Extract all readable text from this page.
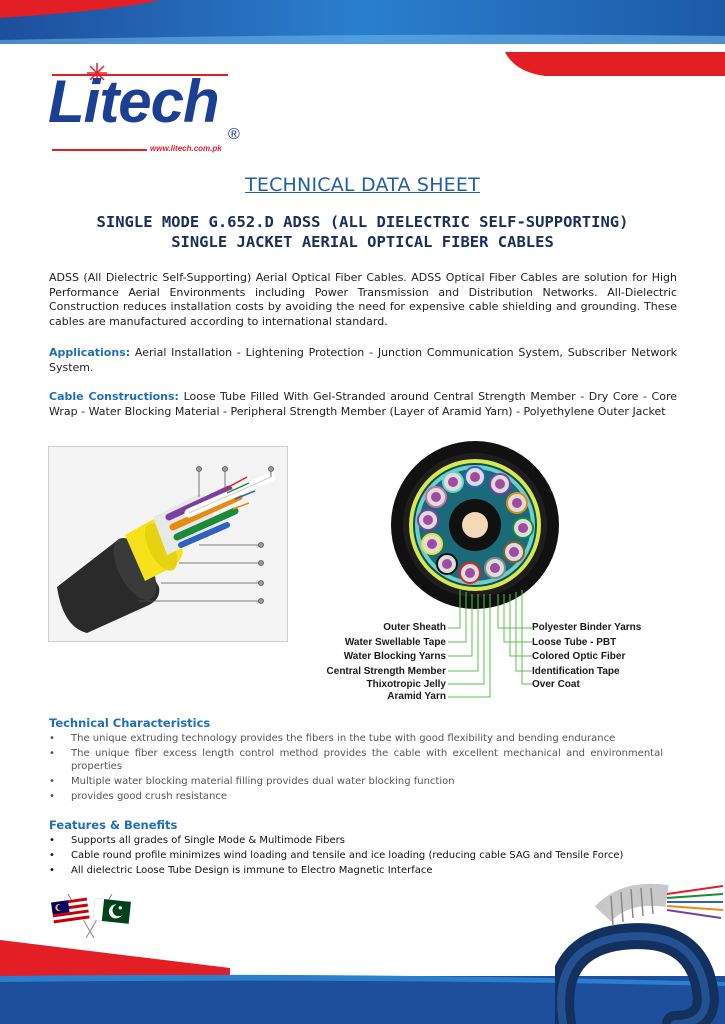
Litech ®
www.litech.com.pk
TECHNICAL DATA SHEET
SINGLE MODE G.652.D ADSS (ALL DIELECTRIC SELF-SUPPORTING)
SINGLE JACKET AERIAL OPTICAL FIBER CABLES

ADSS (All Dielectric Self-Supporting) Aerial Optical Fiber Cables. ADSS Optical Fiber Cables are solution for High Performance Aerial Environments including Power Transmission and Distribution Networks. All-Dielectric Construction reduces installation costs by avoiding the need for expensive cable shielding and grounding. These cables are manufactured according to international standard.

Applications: Aerial Installation - Lightening Protection - Junction Communication System, Subscriber Network System.

Cable Constructions: Loose Tube Filled With Gel-Stranded around Central Strength Member - Dry Core - Core Wrap - Water Blocking Material - Peripheral Strength Member (Layer of Aramid Yarn) - Polyethylene Outer Jacket

Outer Sheath
Water Swellable Tape
Water Blocking Yarns
Central Strength Member
Thixotropic Jelly
Aramid Yarn
Polyester Binder Yarns
Loose Tube - PBT
Colored Optic Fiber
Identification Tape
Over Coat
Technical Characteristics
• The unique extruding technology provides the fibers in the tube with good flexibility and bending endurance
• The unique fiber excess length control method provides the cable with excellent mechanical and environmental properties
• Multiple water blocking material filling provides dual water blocking function
• provides good crush resistance
Features & Benefits
• Supports all grades of Single Mode & Multimode Fibers
• Cable round profile minimizes wind loading and tensile and ice loading (reducing cable SAG and Tensile Force)
• All dielectric Loose Tube Design is immune to Electro Magnetic Interface
